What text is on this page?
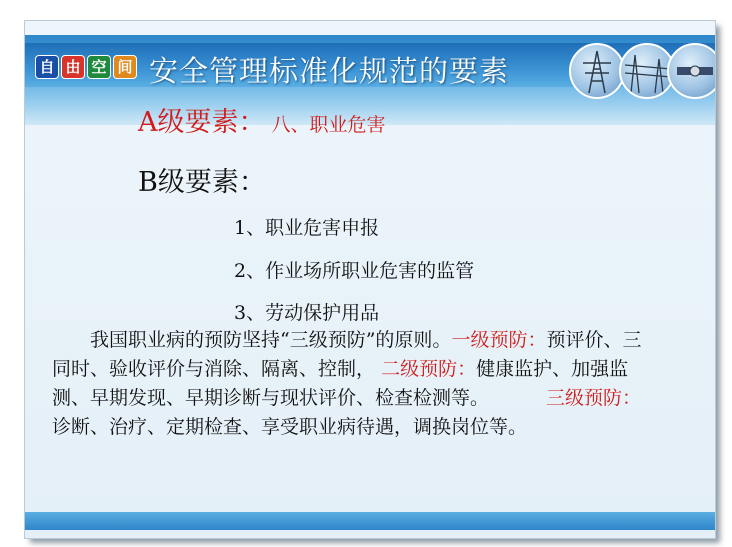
自 由 空 间 安全管理标准化规范的要素
A级要素： 八、职业危害
B级要素：
1、职业危害申报
2、作业场所职业危害的监管
3、劳动保护用品
  我国职业病的预防坚持“三级预防”的原则。一级预防：预评价、三同时、验收评价与消除、隔离、控制， 二级预防：健康监护、加强监测、早期发现、早期诊断与现状评价、检查检测等。   	三级预防：诊断、治疗、定期检查、享受职业病待遇，调换岗位等。
